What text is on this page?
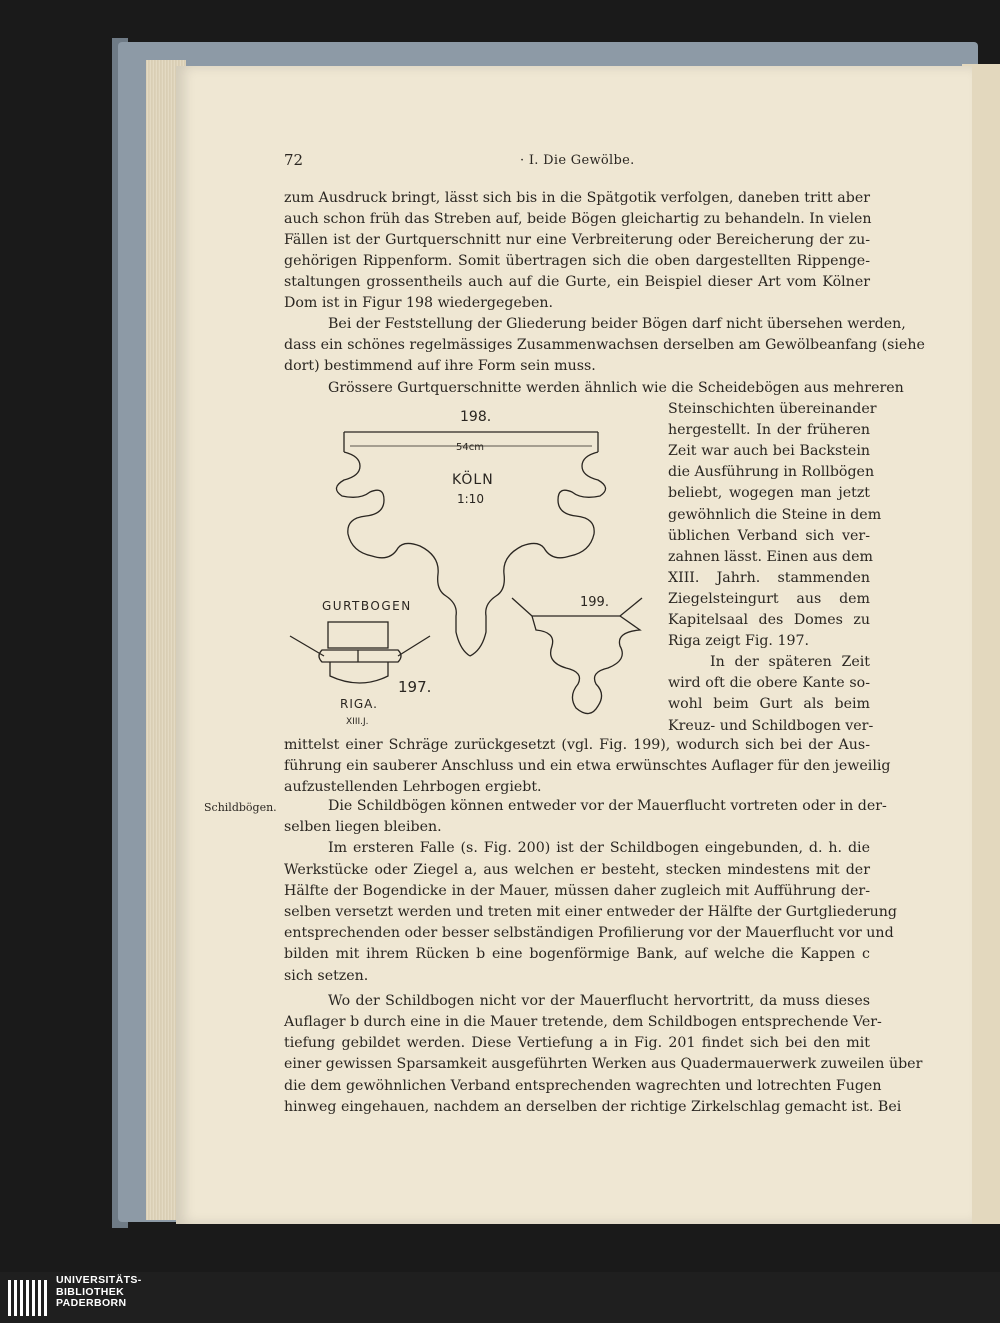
72	· I. Die Gewölbe.
Schildbögen.
zum Ausdruck bringt, lässt sich bis in die Spätgotik verfolgen, daneben tritt aber
auch schon früh das Streben auf, beide Bögen gleichartig zu behandeln. In vielen
Fällen ist der Gurtquerschnitt nur eine Verbreiterung oder Bereicherung der zu-
gehörigen Rippenform. Somit übertragen sich die oben dargestellten Rippenge-
staltungen grossentheils auch auf die Gurte, ein Beispiel dieser Art vom Kölner
Dom ist in Figur 198 wiedergegeben.
Bei der Feststellung der Gliederung beider Bögen darf nicht übersehen werden,
dass ein schönes regelmässiges Zusammenwachsen derselben am Gewölbeanfang (siehe
dort) bestimmend auf ihre Form sein muss.
Grössere Gurtquerschnitte werden ähnlich wie die Scheidebögen aus mehreren
Steinschichten übereinander
hergestellt. In der früheren
Zeit war auch bei Backstein
die Ausführung in Rollbögen
beliebt, wogegen man jetzt
gewöhnlich die Steine in dem
üblichen Verband sich ver-
zahnen lässt. Einen aus dem
XIII. Jahrh. stammenden
Ziegelsteingurt aus dem
Kapitelsaal des Domes zu
Riga zeigt Fig. 197.
In der späteren Zeit
wird oft die obere Kante so-
wohl beim Gurt als beim
Kreuz- und Schildbogen ver-
mittelst einer Schräge zurückgesetzt (vgl. Fig. 199), wodurch sich bei der Aus-
führung ein sauberer Anschluss und ein etwa erwünschtes Auflager für den jeweilig
aufzustellenden Lehrbogen ergiebt.
Die Schildbögen können entweder vor der Mauerflucht vortreten oder in der-
selben liegen bleiben.
Im ersteren Falle (s. Fig. 200) ist der Schildbogen eingebunden, d. h. die
Werkstücke oder Ziegel a, aus welchen er besteht, stecken mindestens mit der
Hälfte der Bogendicke in der Mauer, müssen daher zugleich mit Aufführung der-
selben versetzt werden und treten mit einer entweder der Hälfte der Gurtgliederung
entsprechenden oder besser selbständigen Profilierung vor der Mauerflucht vor und
bilden mit ihrem Rücken b eine bogenförmige Bank, auf welche die Kappen c
sich setzen.
Wo der Schildbogen nicht vor der Mauerflucht hervortritt, da muss dieses
Auflager b durch eine in die Mauer tretende, dem Schildbogen entsprechende Ver-
tiefung gebildet werden. Diese Vertiefung a in Fig. 201 findet sich bei den mit
einer gewissen Sparsamkeit ausgeführten Werken aus Quadermauerwerk zuweilen über
die dem gewöhnlichen Verband entsprechenden wagrechten und lotrechten Fugen
hinweg eingehauen, nachdem an derselben der richtige Zirkelschlag gemacht ist. Bei
198.
54cm
KÖLN
1:10
199.
GURTBOGEN
197.
RIGA.
XIII.J.
UNIVERSITÄTS-
BIBLIOTHEK
PADERBORN
